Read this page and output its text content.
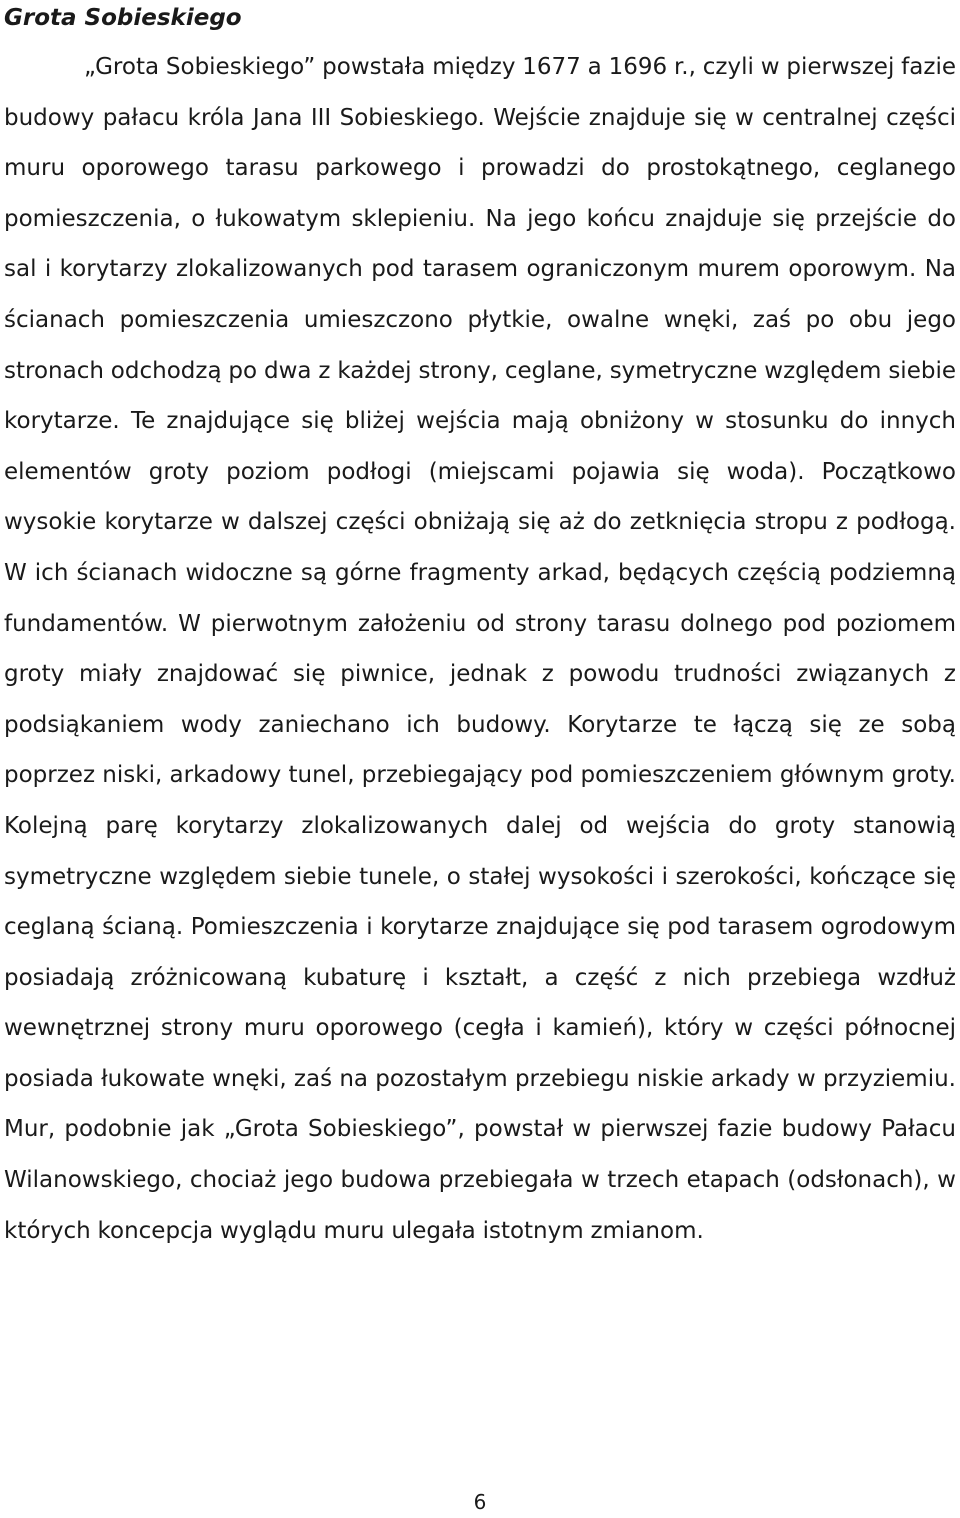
Grota Sobieskiego

„Grota Sobieskiego” powstała między 1677 a 1696 r., czyli w pierwszej fazie budowy pałacu króla Jana III Sobieskiego. Wejście znajduje się w centralnej części muru oporowego tarasu parkowego i prowadzi do prostokątnego, ceglanego pomieszczenia, o łukowatym sklepieniu. Na jego końcu znajduje się przejście do sal i korytarzy zlokalizowanych pod tarasem ograniczonym murem oporowym. Na ścianach pomieszczenia umieszczono płytkie, owalne wnęki, zaś po obu jego stronach odchodzą po dwa z każdej strony, ceglane, symetryczne względem siebie korytarze. Te znajdujące się bliżej wejścia mają obniżony w stosunku do innych elementów groty poziom podłogi (miejscami pojawia się woda). Początkowo wysokie korytarze w dalszej części obniżają się aż do zetknięcia stropu z podłogą. W ich ścianach widoczne są górne fragmenty arkad, będących częścią podziemną fundamentów. W pierwotnym założeniu od strony tarasu dolnego pod poziomem groty miały znajdować się piwnice, jednak z powodu trudności związanych z podsiąkaniem wody zaniechano ich budowy. Korytarze te łączą się ze sobą poprzez niski, arkadowy tunel, przebiegający pod pomieszczeniem głównym groty. Kolejną parę korytarzy zlokalizowanych dalej od wejścia do groty stanowią symetryczne względem siebie tunele, o stałej wysokości i szerokości, kończące się ceglaną ścianą. Pomieszczenia i korytarze znajdujące się pod tarasem ogrodowym posiadają zróżnicowaną kubaturę i kształt, a część z nich przebiega wzdłuż wewnętrznej strony muru oporowego (cegła i kamień), który w części północnej posiada łukowate wnęki, zaś na pozostałym przebiegu niskie arkady w przyziemiu. Mur, podobnie jak „Grota Sobieskiego”, powstał w pierwszej fazie budowy Pałacu Wilanowskiego, chociaż jego budowa przebiegała w trzech etapach (odsłonach), w których koncepcja wyglądu muru ulegała istotnym zmianom.

6
